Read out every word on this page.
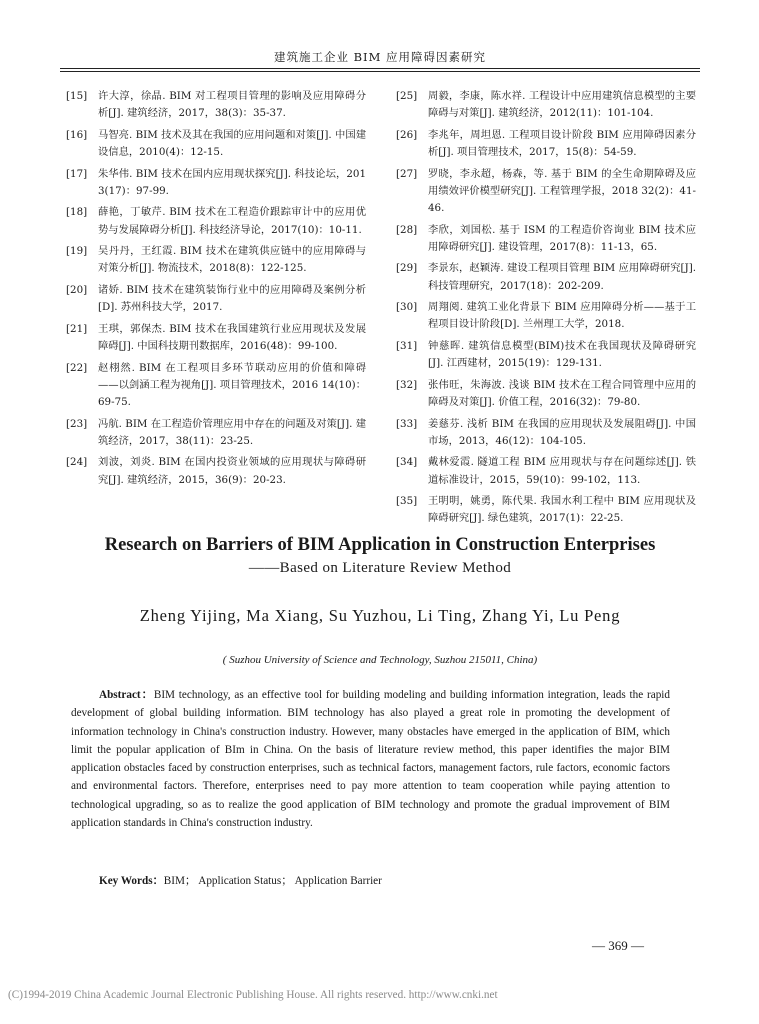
建筑施工企业 BIM 应用障碍因素研究
[15] 许大淳，徐晶. BIM 对工程项目管理的影响及应用障碍分析[J]. 建筑经济，2017，38(3)：35-37.
[16] 马智亮. BIM 技术及其在我国的应用问题和对策[J]. 中国建设信息，2010(4)：12-15.
[17] 朱华伟. BIM 技术在国内应用现状探究[J]. 科技论坛，2013(17)：97-99.
[18] 薛艳，丁敏芹. BIM 技术在工程造价跟踪审计中的应用优势与发展障碍分析[J]. 科技经济导论，2017(10)：10-11.
[19] 吴丹丹，王红霞. BIM 技术在建筑供应链中的应用障碍与对策分析[J]. 物流技术，2018(8)：122-125.
[20] 诸娇. BIM 技术在建筑装饰行业中的应用障碍及案例分析[D]. 苏州科技大学，2017.
[21] 王琪，郭保杰. BIM 技术在我国建筑行业应用现状及发展障碍[J]. 中国科技期刊数据库，2016(48)：99-100.
[22] 赵栩然. BIM 在工程项目多环节联动应用的价值和障碍——以剑涵工程为视角[J]. 项目管理技术，2016 14(10)：69-75.
[23] 冯航. BIM 在工程造价管理应用中存在的问题及对策[J]. 建筑经济，2017，38(11)：23-25.
[24] 刘波，刘炎. BIM 在国内投资业领域的应用现状与障碍研究[J]. 建筑经济，2015，36(9)：20-23.
[25] 周毅，李康，陈水祥. 工程设计中应用建筑信息模型的主要障碍与对策[J]. 建筑经济，2012(11)：101-104.
[26] 李兆年，周坦恩. 工程项目设计阶段 BIM 应用障碍因素分析[J]. 项目管理技术，2017，15(8)：54-59.
[27] 罗晓，李永超，杨森，等. 基于 BIM 的全生命期障碍及应用绩效评价模型研究[J]. 工程管理学报，2018 32(2)：41-46.
[28] 李欣，刘国松. 基于 ISM 的工程造价咨询业 BIM 技术应用障碍研究[J]. 建设管理，2017(8)：11-13，65.
[29] 李景东，赵颖涛. 建设工程项目管理 BIM 应用障碍研究[J]. 科技管理研究，2017(18)：202-209.
[30] 周翔阅. 建筑工业化背景下 BIM 应用障碍分析——基于工程项目设计阶段[D]. 兰州理工大学，2018.
[31] 钟慈晖. 建筑信息模型(BIM)技术在我国现状及障碍研究[J]. 江西建材，2015(19)：129-131.
[32] 张伟旺，朱海波. 浅谈 BIM 技术在工程合同管理中应用的障碍及对策[J]. 价值工程，2016(32)：79-80.
[33] 姜慈芬. 浅析 BIM 在我国的应用现状及发展阻碍[J]. 中国市场，2013，46(12)：104-105.
[34] 戴林爱霞. 隧道工程 BIM 应用现状与存在问题综述[J]. 铁道标准设计，2015，59(10)：99-102，113.
[35] 王明明，姚勇，陈代果. 我国水利工程中 BIM 应用现状及障碍研究[J]. 绿色建筑，2017(1)：22-25.
Research on Barriers of BIM Application in Construction Enterprises
——Based on Literature Review Method
Zheng Yijing, Ma Xiang, Su Yuzhou, Li Ting, Zhang Yi, Lu Peng
( Suzhou University of Science and Technology, Suzhou 215011, China)

Abstract：BIM technology, as an effective tool for building modeling and building information integration, leads the rapid development of global building information. BIM technology has also played a great role in promoting the development of information technology in China's construction industry. However, many obstacles have emerged in the application of BIM, which limit the popular application of BIm in China. On the basis of literature review method, this paper identifies the major BIM application obstacles faced by construction enterprises, such as technical factors, management factors, rule factors, economic factors and environmental factors. Therefore, enterprises need to pay more attention to team cooperation while paying attention to technological upgrading, so as to realize the good application of BIM technology and promote the gradual improvement of BIM application standards in China's construction industry.

Key Words：BIM； Application Status； Application Barrier
— 369 —
(C)1994-2019 China Academic Journal Electronic Publishing House. All rights reserved. http://www.cnki.net
